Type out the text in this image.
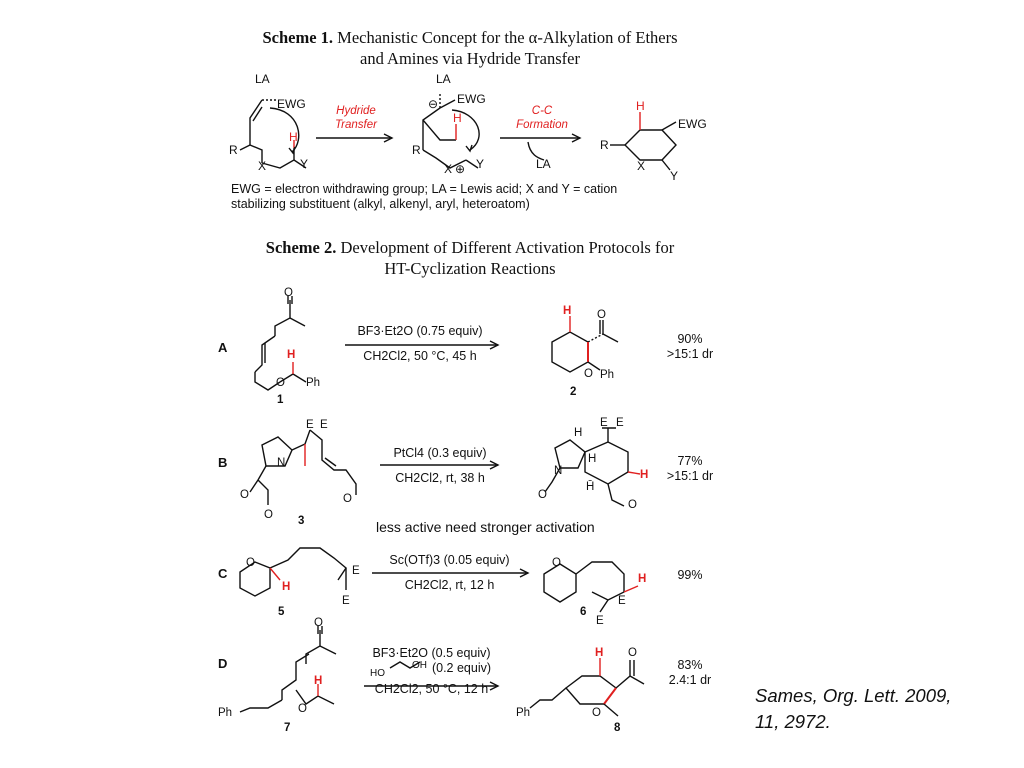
Scheme 1. Mechanistic Concept for the α-Alkylation of Ethers
and Amines via Hydride Transfer
LA
EWG
R
X	Y
H
LA
EWG
⊖
R
X ⊕ Y
H
LA
H
EWG
R
X
Y
Hydride
Transfer
C-C
Formation
EWG = electron withdrawing group; LA = Lewis acid; X and Y = cation
stabilizing substituent (alkyl, alkenyl, aryl, heteroatom)
Scheme 2. Development of Different Activation Protocols for
HT-Cyclization Reactions
A
B
C
D
O
H
O Ph
H O
O Ph
E E
N
O
O
O
E E
H
N
H
H̄
O
O
H
O
H
E
E
O
H
E
E
O
O
H
Ph
HO
OH
H O
O
Ph
1
2
3
5	6
7	8
BF3·Et2O (0.75 equiv)
CH2Cl2, 50 °C, 45 h
PtCl4 (0.3 equiv)
CH2Cl2, rt, 38 h
Sc(OTf)3 (0.05 equiv)
CH2Cl2, rt, 12 h
BF3·Et2O (0.5 equiv)
(0.2 equiv)
CH2Cl2, 50 °C, 12 h
90%
>15:1 dr
77%
>15:1 dr
99%
83%
2.4:1 dr
less active need stronger activation
Sames, Org. Lett. 2009,
11, 2972.
